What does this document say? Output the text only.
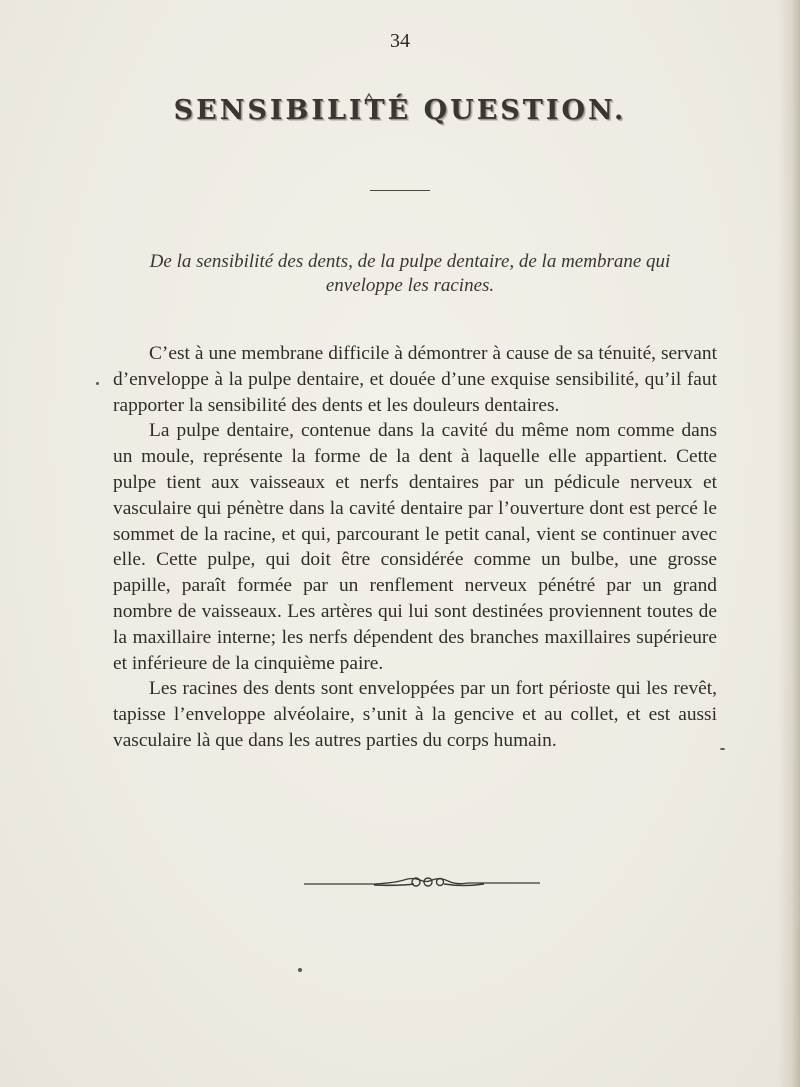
34
SENSIBILITÉ QUESTION.
De la sensibilité des dents, de la pulpe dentaire, de la membrane qui enveloppe les racines.

C’est à une membrane difficile à démontrer à cause de sa ténuité, servant d’enveloppe à la pulpe dentaire, et douée d’une exquise sensibilité, qu’il faut rapporter la sensibilité des dents et les douleurs dentaires.

La pulpe dentaire, contenue dans la cavité du même nom comme dans un moule, représente la forme de la dent à laquelle elle appartient. Cette pulpe tient aux vaisseaux et nerfs dentaires par un pédicule nerveux et vasculaire qui pénètre dans la cavité dentaire par l’ouverture dont est percé le sommet de la racine, et qui, parcourant le petit canal, vient se continuer avec elle. Cette pulpe, qui doit être considérée comme un bulbe, une grosse papille, paraît formée par un renflement nerveux pénétré par un grand nombre de vaisseaux. Les artères qui lui sont destinées proviennent toutes de la maxillaire interne; les nerfs dépendent des branches maxillaires supérieure et inférieure de la cinquième paire.

Les racines des dents sont enveloppées par un fort périoste qui les revêt, tapisse l’enveloppe alvéolaire, s’unit à la gencive et au collet, et est aussi vasculaire là que dans les autres parties du corps humain.
